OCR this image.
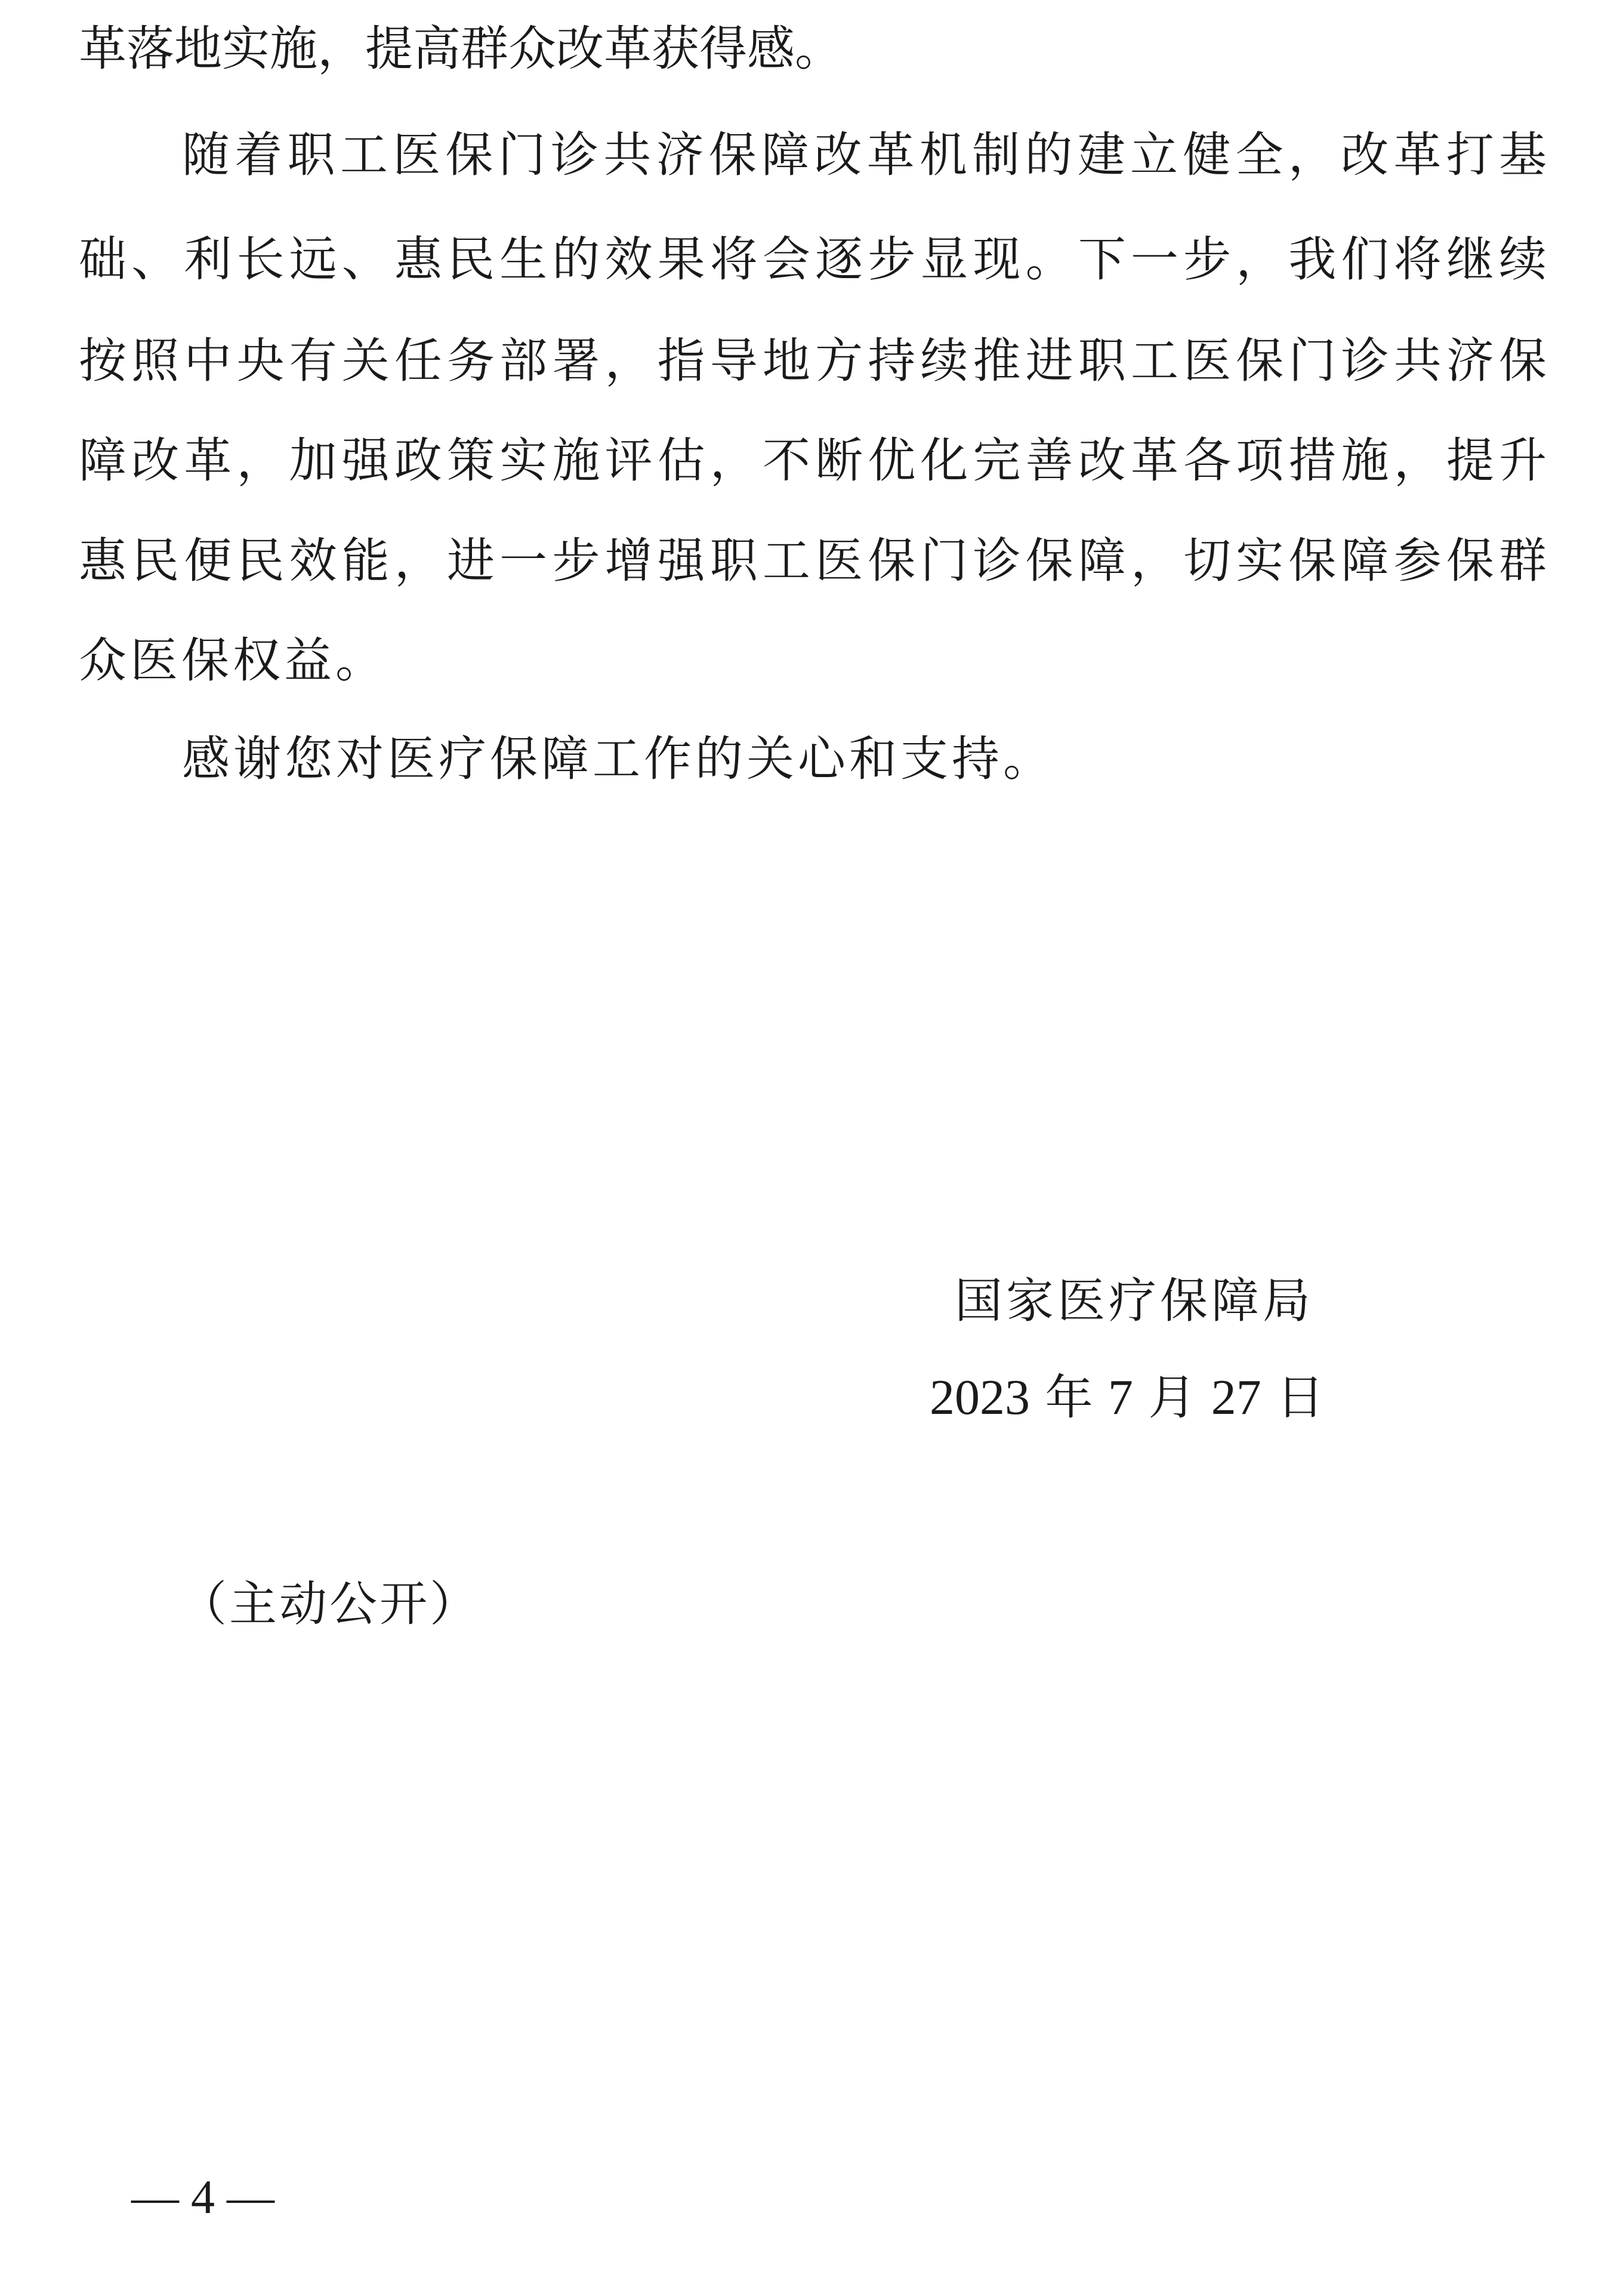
革落地实施，提高群众改革获得感。

随着职工医保门诊共济保障改革机制的建立健全，改革打基

础、利长远、惠民生的效果将会逐步显现。下一步，我们将继续

按照中央有关任务部署，指导地方持续推进职工医保门诊共济保

障改革，加强政策实施评估，不断优化完善改革各项措施，提升

惠民便民效能，进一步增强职工医保门诊保障，切实保障参保群

众医保权益。

感谢您对医疗保障工作的关心和支持。

国家医疗保障局

2023 年 7 月 27 日

（主动公开）

— 4 —
